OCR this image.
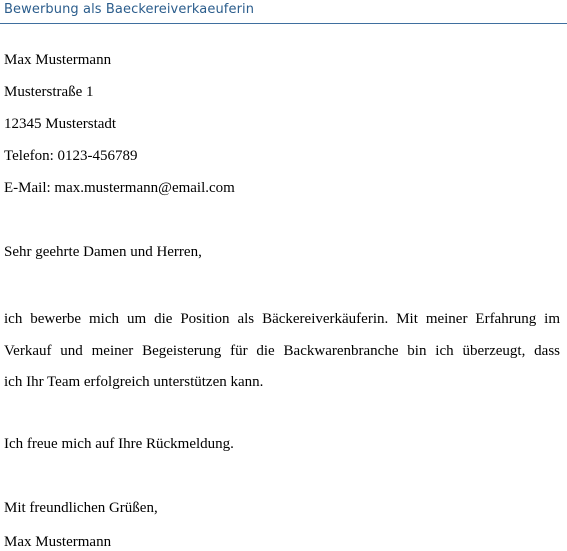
Bewerbung als Baeckereiverkaeuferin
Max Mustermann
Musterstraße 1
12345 Musterstadt
Telefon: 0123-456789
E-Mail: max.mustermann@email.com
Sehr geehrte Damen und Herren,
ich bewerbe mich um die Position als Bäckereiverkäuferin. Mit meiner Erfahrung im
Verkauf und meiner Begeisterung für die Backwarenbranche bin ich überzeugt, dass
ich Ihr Team erfolgreich unterstützen kann.
Ich freue mich auf Ihre Rückmeldung.
Mit freundlichen Grüßen,
Max Mustermann
